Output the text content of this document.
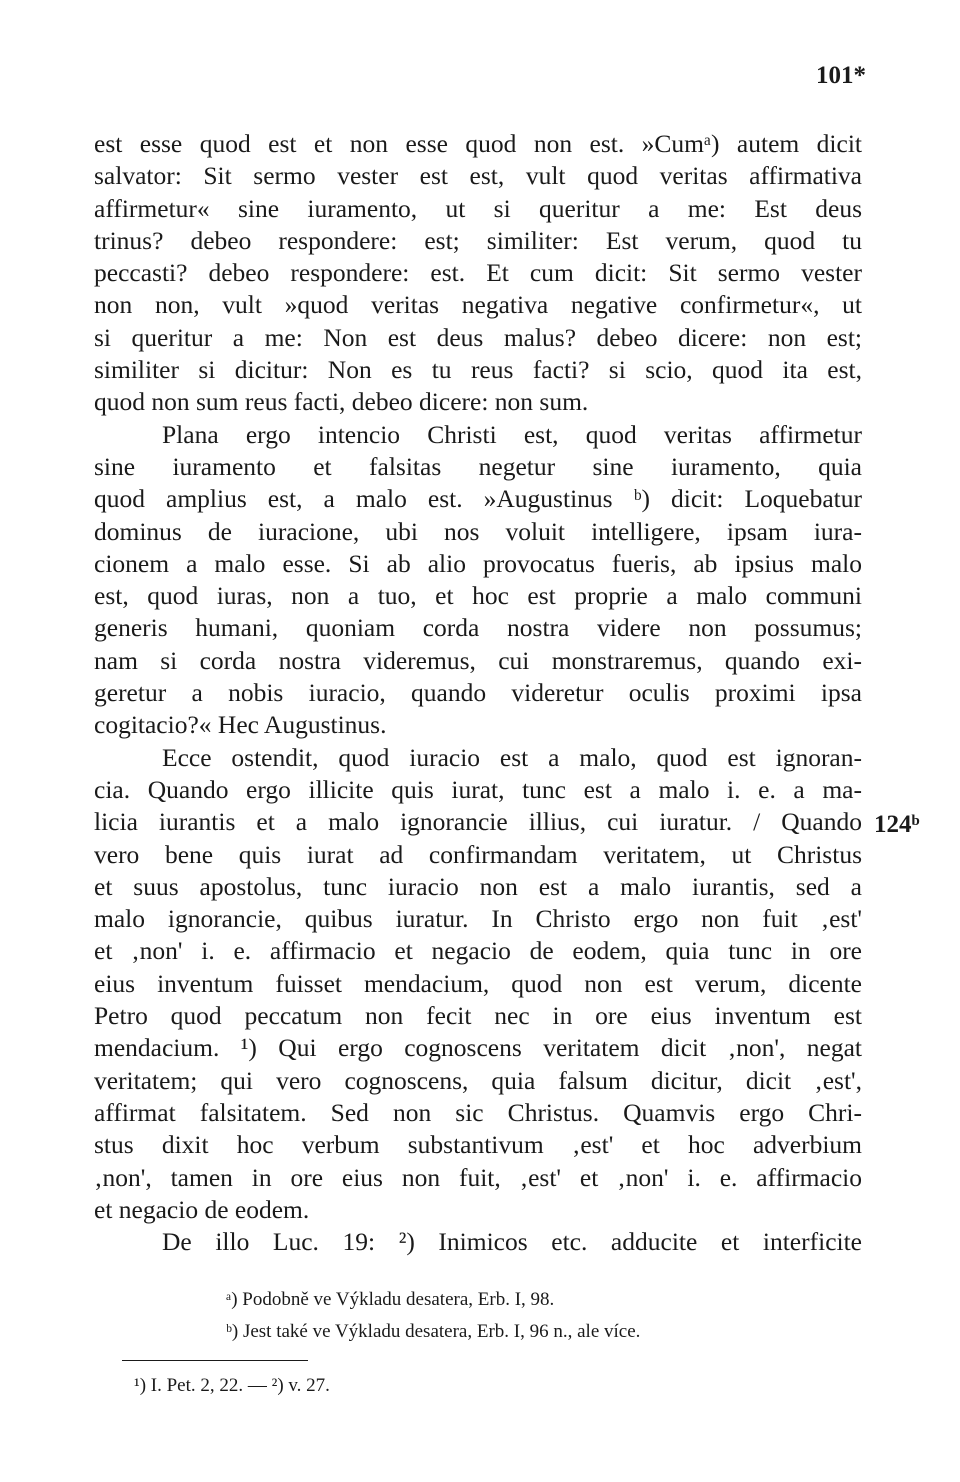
101*
est esse quod est et non esse quod non est. »Cumᵃ) autem dicit
salvator: Sit sermo vester est est, vult quod veritas affirmativa
affirmetur« sine iuramento, ut si queritur a me: Est deus
trinus? debeo respondere: est; similiter: Est verum, quod tu
peccasti? debeo respondere: est. Et cum dicit: Sit sermo vester
non non, vult »quod veritas negativa negative confirmetur«, ut
si queritur a me: Non est deus malus? debeo dicere: non est;
similiter si dicitur: Non es tu reus facti? si scio, quod ita est,
quod non sum reus facti, debeo dicere: non sum.
Plana ergo intencio Christi est, quod veritas affirmetur
sine iuramento et falsitas negetur sine iuramento, quia
quod amplius est, a malo est. »Augustinus ᵇ) dicit: Loquebatur
dominus de iuracione, ubi nos voluit intelligere, ipsam iura-
cionem a malo esse. Si ab alio provocatus fueris, ab ipsius malo
est, quod iuras, non a tuo, et hoc est proprie a malo communi
generis humani, quoniam corda nostra videre non possumus;
nam si corda nostra videremus, cui monstraremus, quando exi-
geretur a nobis iuracio, quando videretur oculis proximi ipsa
cogitacio?« Hec Augustinus.
Ecce ostendit, quod iuracio est a malo, quod est ignoran-
cia. Quando ergo illicite quis iurat, tunc est a malo i. e. a ma-
licia iurantis et a malo ignorancie illius, cui iuratur. / Quando
vero bene quis iurat ad confirmandam veritatem, ut Christus
et suus apostolus, tunc iuracio non est a malo iurantis, sed a
malo ignorancie, quibus iuratur. In Christo ergo non fuit ‚est'
et ‚non' i. e. affirmacio et negacio de eodem, quia tunc in ore
eius inventum fuisset mendacium, quod non est verum, dicente
Petro quod peccatum non fecit nec in ore eius inventum est
mendacium. ¹) Qui ergo cognoscens veritatem dicit ‚non', negat
veritatem; qui vero cognoscens, quia falsum dicitur, dicit ‚est',
affirmat falsitatem. Sed non sic Christus. Quamvis ergo Chri-
stus dixit hoc verbum substantivum ‚est' et hoc adverbium
‚non', tamen in ore eius non fuit, ‚est' et ‚non' i. e. affirmacio
et negacio de eodem.
De illo Luc. 19: ²) Inimicos etc. adducite et interficite
124ᵇ
ᵃ) Podobně ve Výkladu desatera, Erb. I, 98.
ᵇ) Jest také ve Výkladu desatera, Erb. I, 96 n., ale více.
¹) I. Pet. 2, 22. — ²) v. 27.
